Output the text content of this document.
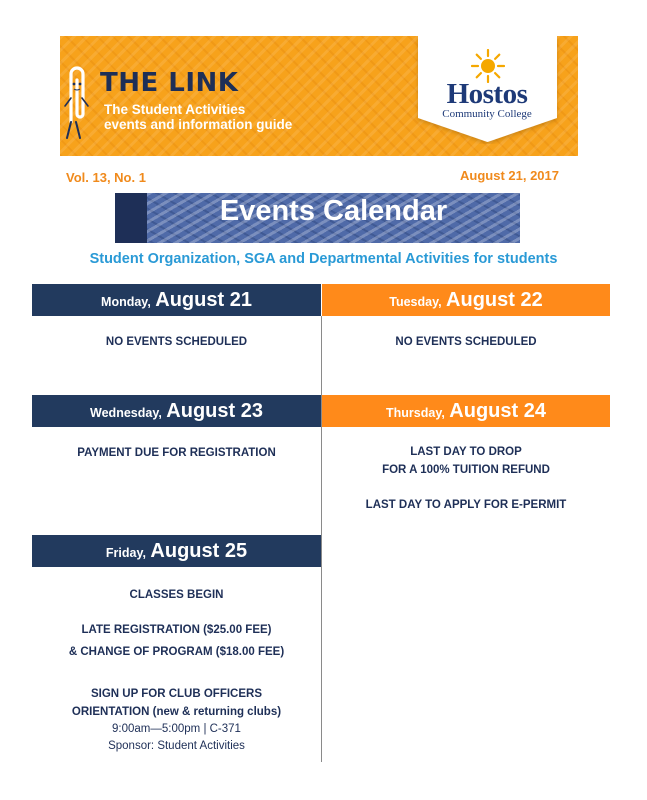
THE LINK
The Student Activities
events and information guide
Hostos
Community College
Vol. 13, No. 1	August 21, 2017
Events Calendar
Student Organization, SGA and Departmental Activities for students
Monday, August 21
NO EVENTS SCHEDULED
Tuesday, August 22
NO EVENTS SCHEDULED
Wednesday, August 23
PAYMENT DUE FOR REGISTRATION
Thursday, August 24
LAST DAY TO DROP
FOR A 100% TUITION REFUND
LAST DAY TO APPLY FOR E-PERMIT
Friday, August 25
CLASSES BEGIN
LATE REGISTRATION ($25.00 FEE)
& CHANGE OF PROGRAM ($18.00 FEE)
SIGN UP FOR CLUB OFFICERS
ORIENTATION (new & returning clubs)
9:00am—5:00pm | C-371
Sponsor: Student Activities
